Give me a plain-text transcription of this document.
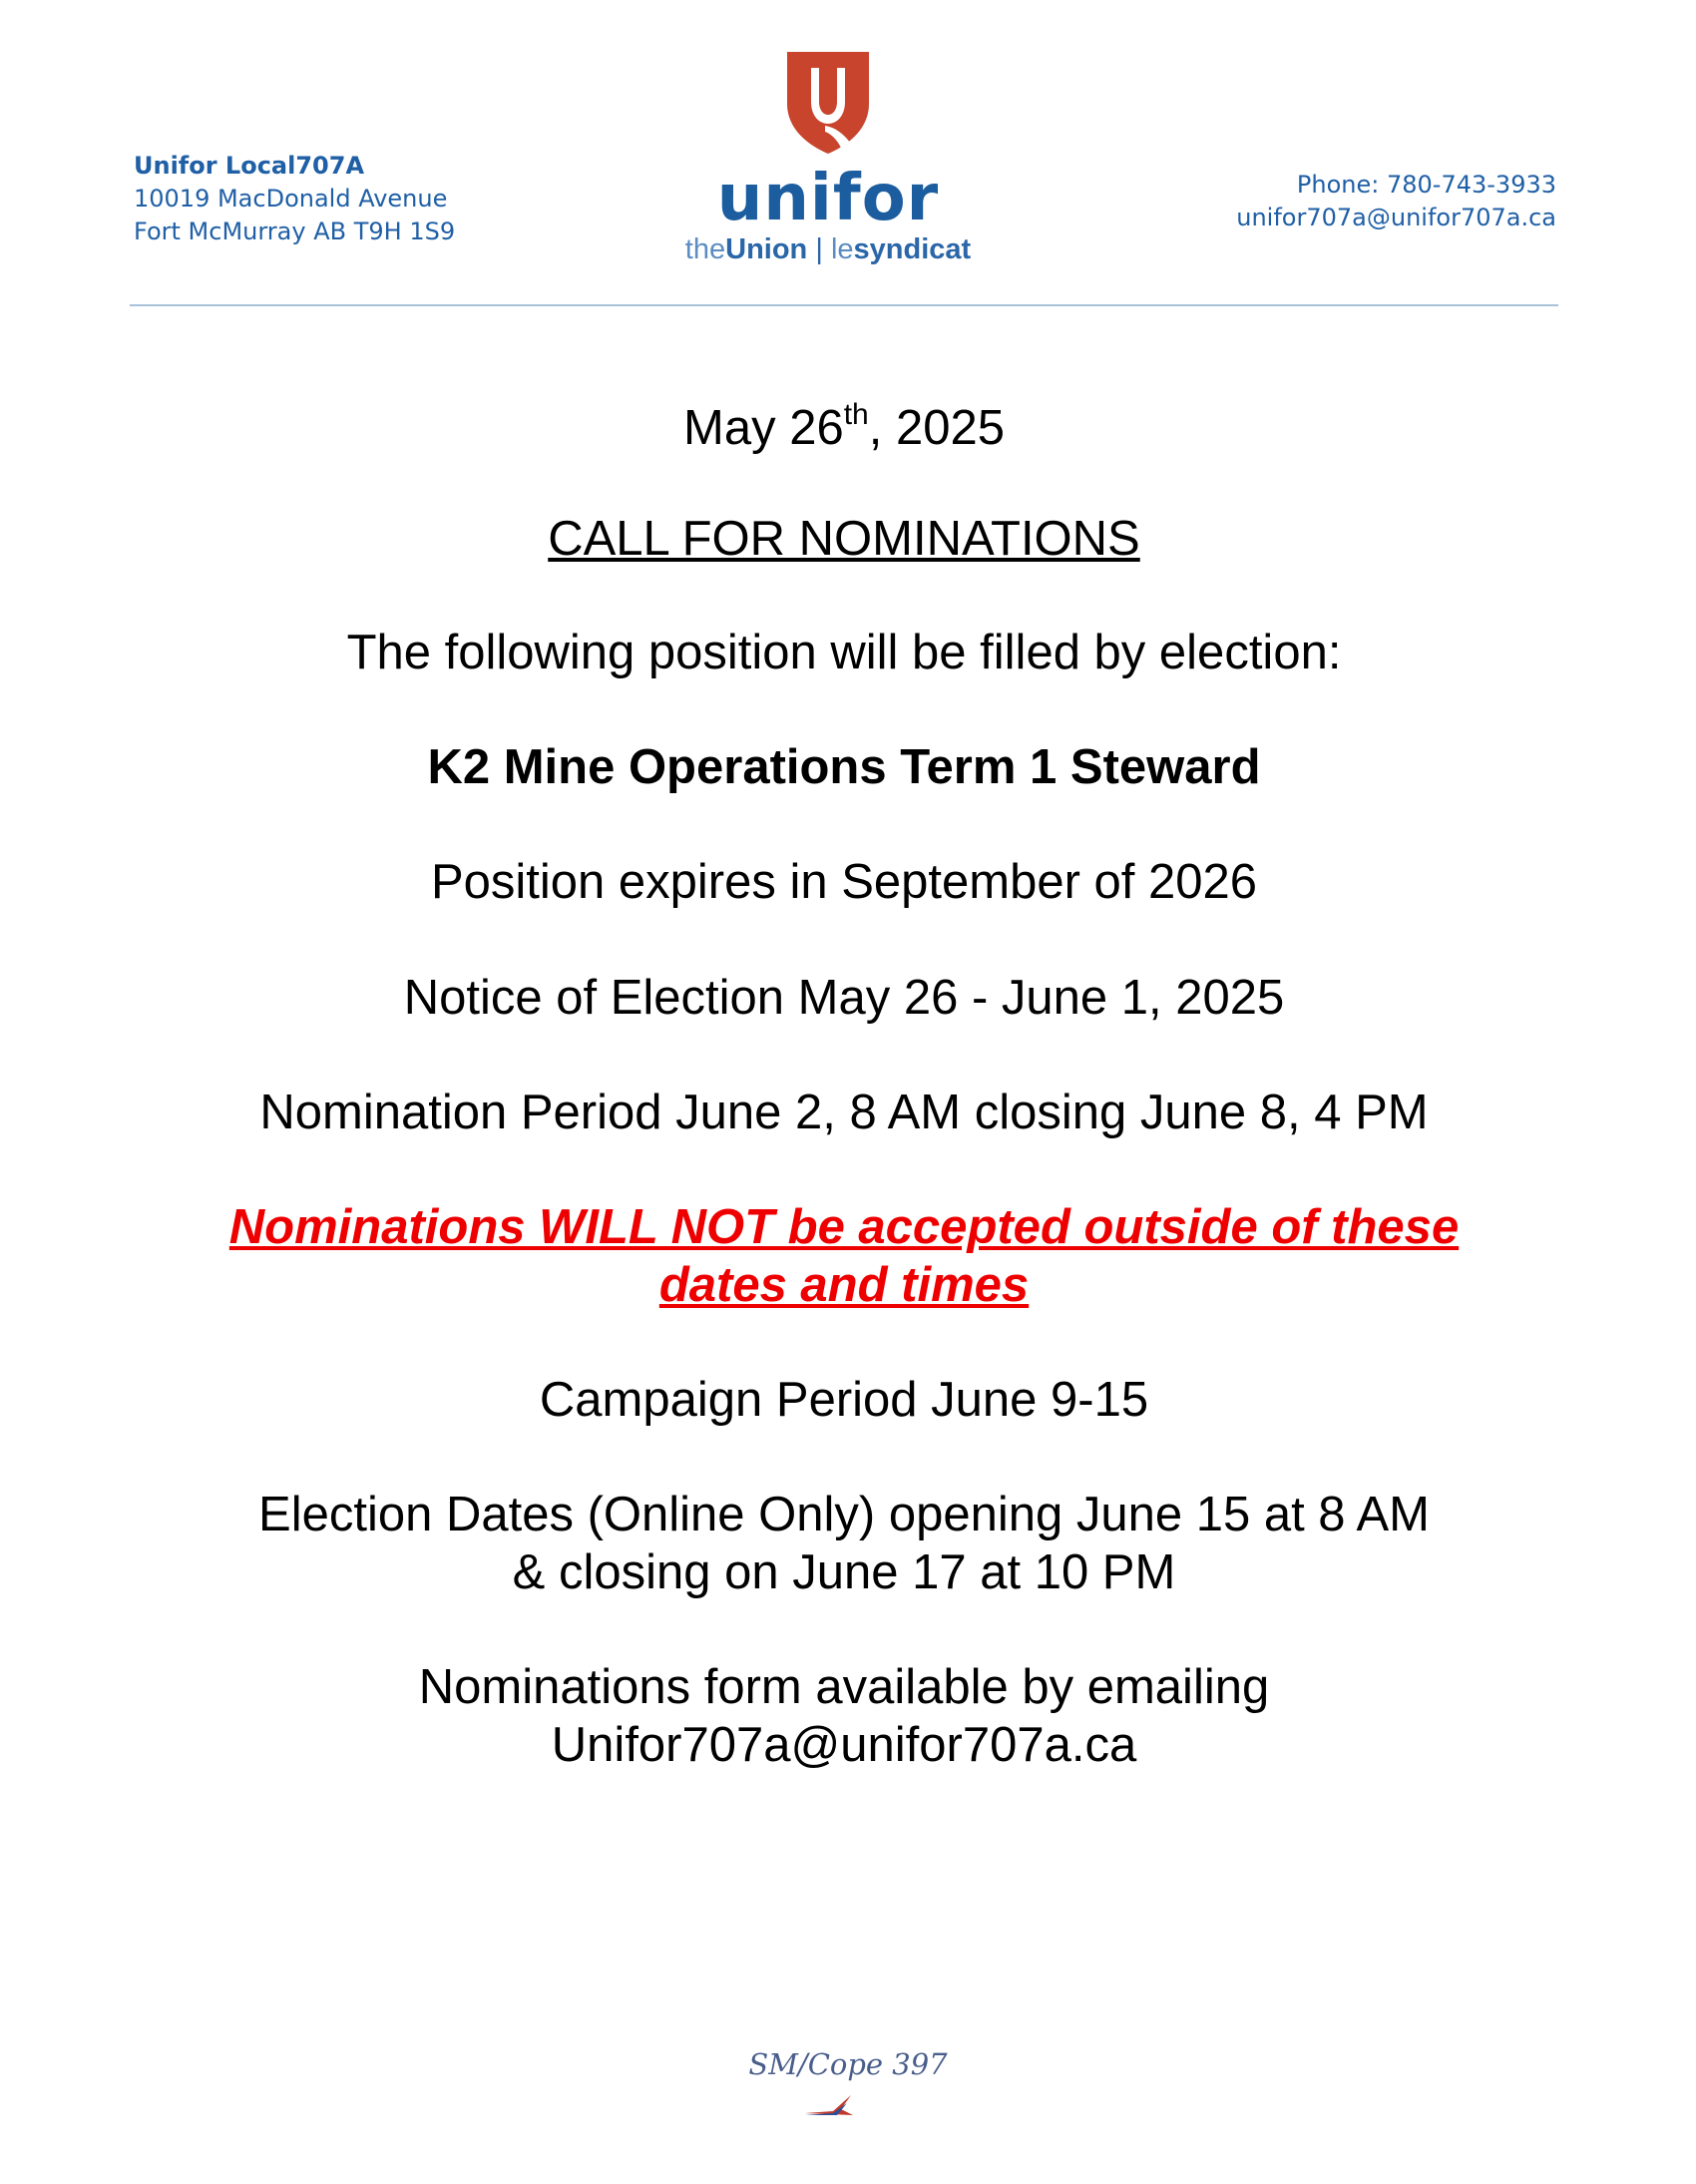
Unifor Local707A
10019 MacDonald Avenue
Fort McMurray AB T9H 1S9	unifor
theUnion | lesyndicat
Phone: 780-743-3933
unifor707a@unifor707a.ca

May 26th, 2025

CALL FOR NOMINATIONS

The following position will be filled by election:

K2 Mine Operations Term 1 Steward

Position expires in September of 2026

Notice of Election May 26 - June 1, 2025

Nomination Period June 2, 8 AM closing June 8, 4 PM

Nominations WILL NOT be accepted outside of these
dates and times

Campaign Period June 9-15

Election Dates (Online Only) opening June 15 at 8 AM

& closing on June 17 at 10 PM

Nominations form available by emailing

Unifor707a@unifor707a.ca

SM/Cope 397
